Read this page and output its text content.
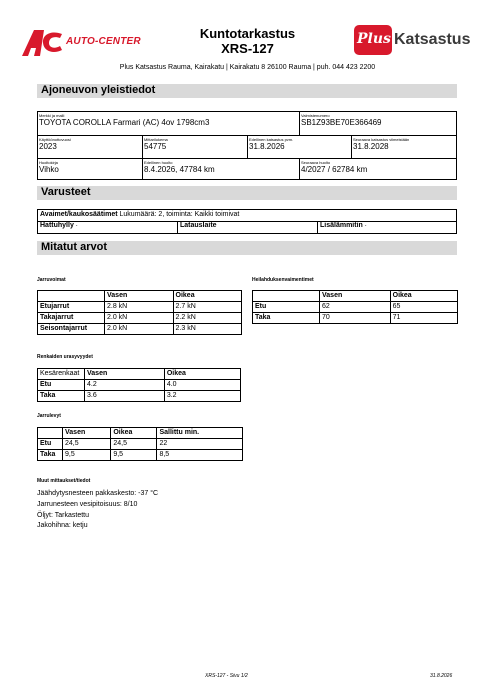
AUTO-CENTER
Kuntotarkastus
XRS-127
Plus Katsastus
Plus Katsastus Rauma, Kairakatu | Kairakatu 8 26100 Rauma | puh. 044 423 2200
Ajoneuvon yleistiedot
Merkki ja malli
TOYOTA COROLLA Farmari (AC) 4ov 1798cm3
Valmistenumero
SB1Z93BE70E366469
Käyttöönottovuosi
2023
Mittarilukema
54775
Edellinen katsastus pvm.
31.8.2026
Seuraava katsastus viimeistään
31.8.2028
Huoltokirja
Vihko
Edellinen huolto
8.4.2026, 47784 km
Seuraava huolto
4/2027 / 62784 km
Varusteet
Avaimet/kaukosäätimet Lukumäärä: 2, toiminta: Kaikki toimivat
Hattuhylly -	Latauslaite	Lisälämmitin -
Mitatut arvot
Jarruvoimat
	Vasen	Oikea
Etujarrut	2.8 kN	2.7 kN
Takajarrut	2.0 kN	2.2 kN
Seisontajarrut	2.0 kN	2.3 kN
Heilahduksenvaimentimet
	Vasen	Oikea
Etu	62	65
Taka	70	71
Renkaiden urasyvyydet
Kesärenkaat	Vasen	Oikea
Etu	4.2	4.0
Taka	3.6	3.2
Jarrulevyt
	Vasen	Oikea	Sallittu min.
Etu	24,5	24,5	22
Taka	9,5	9,5	8,5
Muut mittaukset/tiedot
Jäähdytysnesteen pakkaskesto: -37 °C
Jarrunesteen vesipitoisuus: 8/10
Öljyt: Tarkastettu
Jakohihna: ketju
XRS-127 - Sivu 1/2	31.8.2026
